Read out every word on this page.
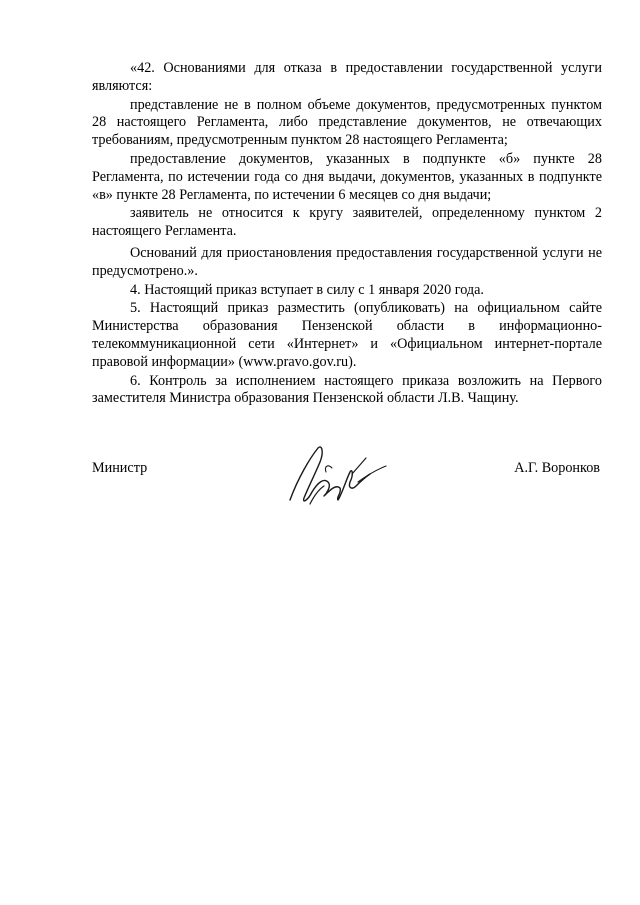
«42. Основаниями для отказа в предоставлении государственной услуги являются:

представление не в полном объеме документов, предусмотренных пунктом 28 настоящего Регламента, либо представление документов, не отвечающих требованиям, предусмотренным пунктом 28 настоящего Регламента;

предоставление документов, указанных в подпункте «б» пункте 28 Регламента, по истечении года со дня выдачи, документов, указанных в подпункте «в» пункте 28 Регламента, по истечении 6 месяцев со дня выдачи;

заявитель не относится к кругу заявителей, определенному пунктом 2 настоящего Регламента.

Оснований для приостановления предоставления государственной услуги не предусмотрено.».

4. Настоящий приказ вступает в силу с 1 января 2020 года.

5. Настоящий приказ разместить (опубликовать) на официальном сайте Министерства образования Пензенской области в информационно-телекоммуникационной сети «Интернет» и «Официальном интернет-портале правовой информации» (www.pravo.gov.ru).

6. Контроль за исполнением настоящего приказа возложить на Первого заместителя Министра образования Пензенской области Л.В. Чащину.

Министр	А.Г. Воронков
